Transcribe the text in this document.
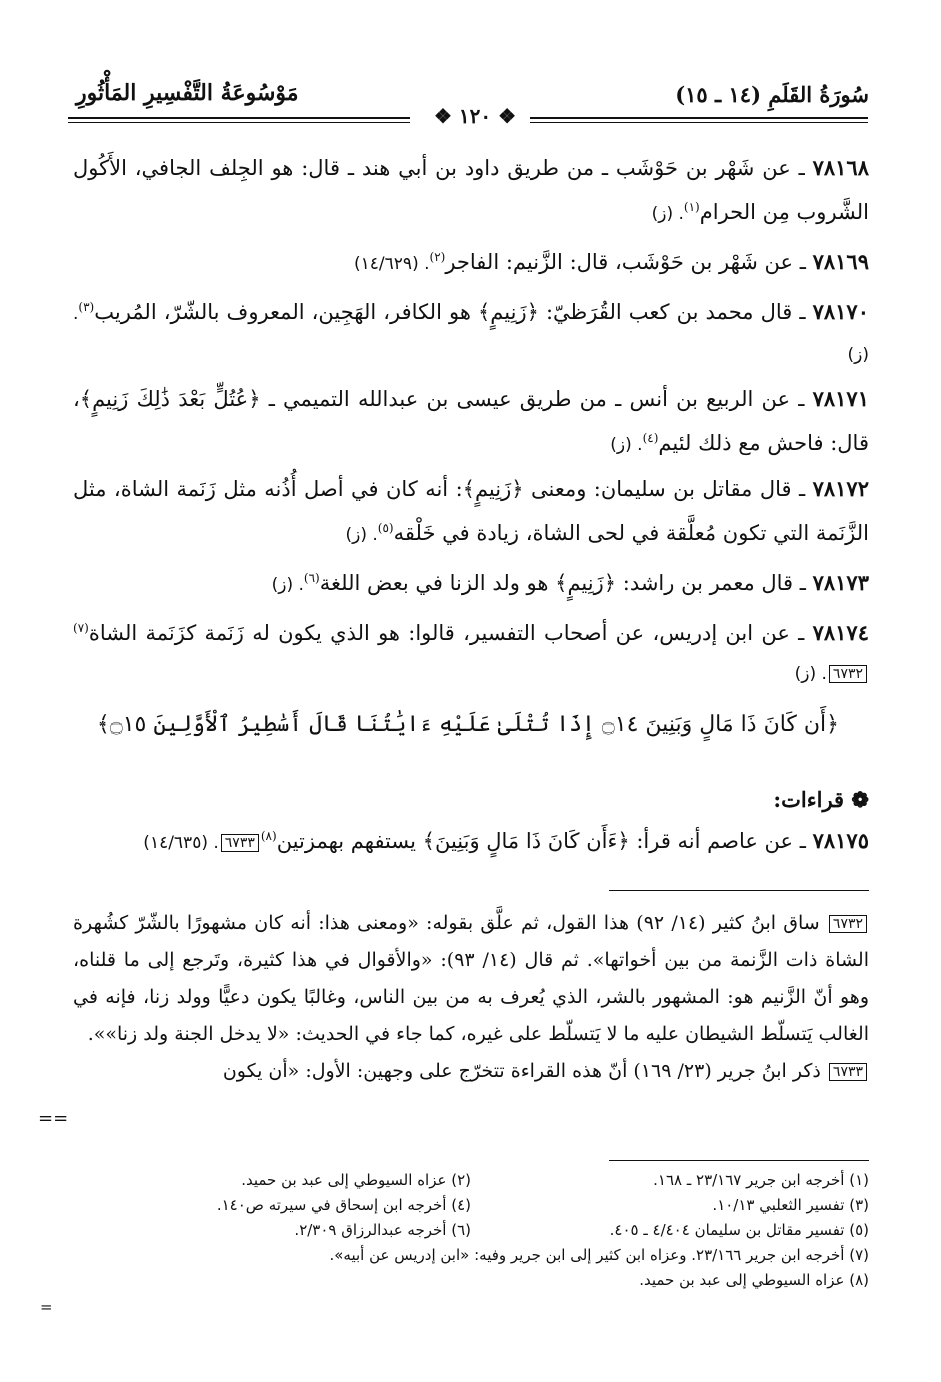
سُورَةُ القَلَمِ (١٤ ـ ١٥)
مَوْسُوعَةُ التَّفْسِيرِ المَأْثُورِ
❖ ١٢٠ ❖

٧٨١٦٨ ـ عن شَهْر بن حَوْشَب ـ من طريق داود بن أبي هند ـ قال: هو الجِلف الجافي، الأَكُول الشَّروب مِن الحرام$^{(١)}$. (ز)

٧٨١٦٩ ـ عن شَهْر بن حَوْشَب، قال: الزَّنيم: الفاجر$^{(٢)}$. (١٤/٦٢٩)

٧٨١٧٠ ـ قال محمد بن كعب القُرَظيّ: ﴿زَنِيمٍ﴾ هو الكافر، الهَجِين، المعروف بالشّرّ، المُريب$^{(٣)}$. (ز)

٧٨١٧١ ـ عن الربيع بن أنس ـ من طريق عيسى بن عبدالله التميمي ـ ﴿عُتُلٍّ بَعْدَ ذَٰلِكَ زَنِيمٍ﴾، قال: فاحش مع ذلك لئيم$^{(٤)}$. (ز)

٧٨١٧٢ ـ قال مقاتل بن سليمان: ومعنى ﴿زَنِيمٍ﴾: أنه كان في أصل أُذُنه مثل زَنَمة الشاة، مثل الزَّنَمة التي تكون مُعلَّقة في لحى الشاة، زيادة في خَلْقه$^{(٥)}$. (ز)

٧٨١٧٣ ـ قال معمر بن راشد: ﴿زَنِيمٍ﴾ هو ولد الزنا في بعض اللغة$^{(٦)}$. (ز)

٧٨١٧٤ ـ عن ابن إدريس، عن أصحاب التفسير، قالوا: هو الذي يكون له زَنَمة كزَنَمة الشاة$^{(٧)}$٦٧٣٢. (ز)

﴿أَن كَانَ ذَا مَالٍ وَبَنِينَ ۝١٤ إِذَا تُتْلَىٰ عَلَيْهِ ءَايَٰتُنَا قَالَ أَسَٰطِيرُ ٱلْأَوَّلِينَ ۝١٥﴾
❁ قراءات:
٧٨١٧٥ ـ عن عاصم أنه قرأ: ﴿ءَأَن كَانَ ذَا مَالٍ وَبَنِينَ﴾ يستفهم بهمزتين$^{(٨)}$٦٧٣٣. (١٤/٦٣٥)
٦٧٣٢ ساق ابنُ كثير (١٤/ ٩٢) هذا القول، ثم علَّق بقوله: «ومعنى هذا: أنه كان مشهورًا بالشّرّ كشُهرة الشاة ذات الزَّنمة من بين أخواتها». ثم قال (١٤/ ٩٣): «والأقوال في هذا كثيرة، وتَرجع إلى ما قلناه، وهو أنّ الزَّنيم هو: المشهور بالشر، الذي يُعرف به من بين الناس، وغالبًا يكون دعيًّا وولد زنا، فإنه في الغالب يَتسلّط الشيطان عليه ما لا يَتسلّط على غيره، كما جاء في الحديث: «لا يدخل الجنة ولد زنا»».
٦٧٣٣ ذكر ابنُ جرير (٢٣/ ١٦٩) أنّ هذه القراءة تتخرّج على وجهين: الأول: «أن يكون
==
(١) أخرجه ابن جرير ٢٣/١٦٧ ـ ١٦٨.
(٢) عزاه السيوطي إلى عبد بن حميد.
(٣) تفسير الثعلبي ١٠/١٣.
(٤) أخرجه ابن إسحاق في سيرته ص١٤٠.
(٥) تفسير مقاتل بن سليمان ٤/٤٠٤ ـ ٤٠٥.
(٦) أخرجه عبدالرزاق ٢/٣٠٩.
(٧) أخرجه ابن جرير ٢٣/١٦٦. وعزاه ابن كثير إلى ابن جرير وفيه: «ابن إدريس عن أبيه».
(٨) عزاه السيوطي إلى عبد بن حميد.
=
